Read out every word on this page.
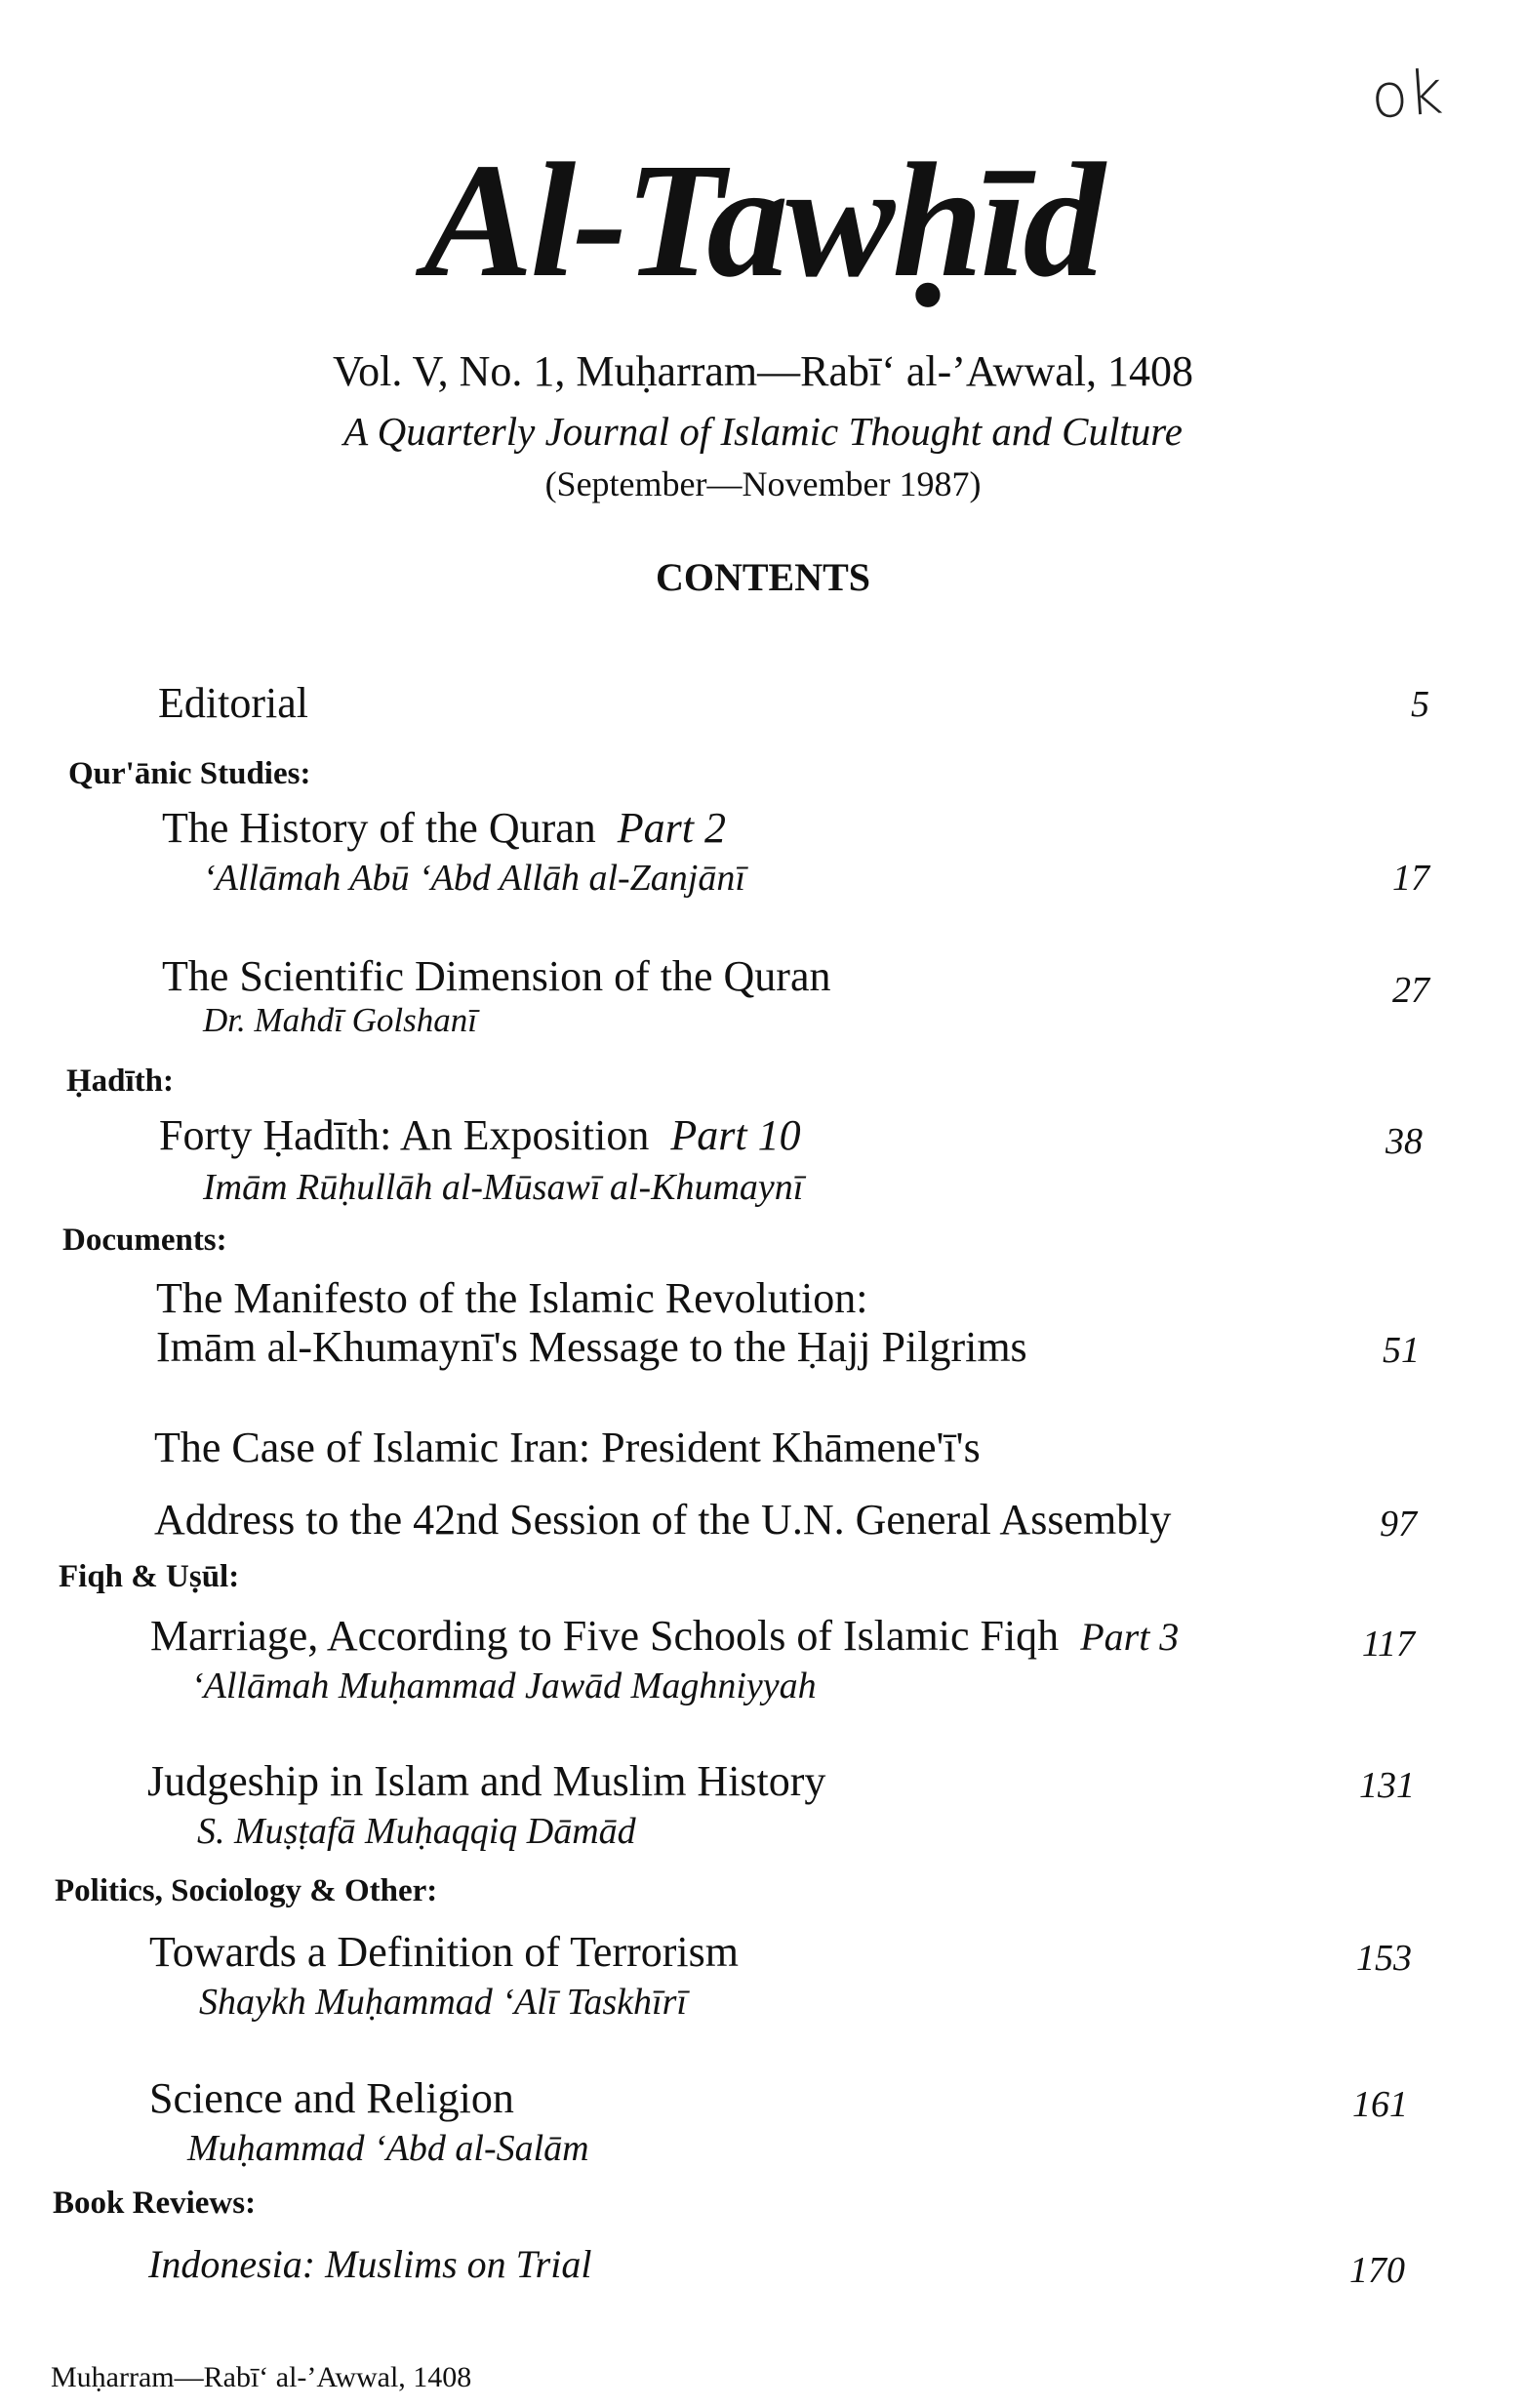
ok
Al-Tawḥīd
Vol. V, No. 1, Muḥarram—Rabī‘ al-’Awwal, 1408
A Quarterly Journal of Islamic Thought and Culture
(September—November 1987)
CONTENTS
Editorial	5
Qur'ānic Studies:
The History of the Quran Part 2
‘Allāmah Abū ‘Abd Allāh al-Zanjānī	17
The Scientific Dimension of the Quran
Dr. Mahdī Golshanī
27
Ḥadīth:
Forty Ḥadīth: An Exposition Part 10
Imām Rūḥullāh al-Mūsawī al-Khumaynī
38
Documents:
The Manifesto of the Islamic Revolution:
Imām al-Khumaynī's Message to the Ḥajj Pilgrims	51
The Case of Islamic Iran: President Khāmene'ī's
Address to the 42nd Session of the U.N. General Assembly	97
Fiqh & Uṣūl:
Marriage, According to Five Schools of Islamic Fiqh Part 3
‘Allāmah Muḥammad Jawād Maghniyyah
117
Judgeship in Islam and Muslim History
S. Muṣṭafā Muḥaqqiq Dāmād
131
Politics, Sociology & Other:
Towards a Definition of Terrorism
Shaykh Muḥammad ‘Alī Taskhīrī
153
Science and Religion
Muḥammad ‘Abd al-Salām
161
Book Reviews:
Indonesia: Muslims on Trial	170
Muḥarram—Rabī‘ al-’Awwal, 1408
